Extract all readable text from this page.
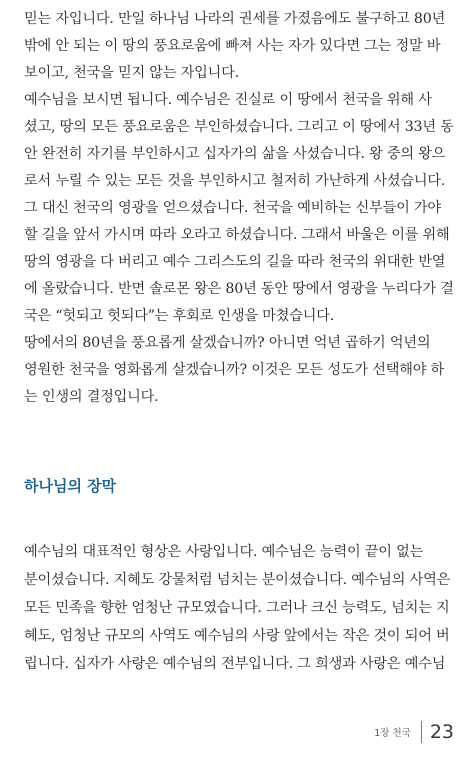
믿는 자입니다. 만일 하나님 나라의 권세를 가졌음에도 불구하고 80년
밖에 안 되는 이 땅의 풍요로움에 빠져 사는 자가 있다면 그는 정말 바
보이고, 천국을 믿지 않는 자입니다.
예수님을 보시면 됩니다. 예수님은 진실로 이 땅에서 천국을 위해 사
셨고, 땅의 모든 풍요로움은 부인하셨습니다. 그리고 이 땅에서 33년 동
안 완전히 자기를 부인하시고 십자가의 삶을 사셨습니다. 왕 중의 왕으
로서 누릴 수 있는 모든 것을 부인하시고 철저히 가난하게 사셨습니다.
그 대신 천국의 영광을 얻으셨습니다. 천국을 예비하는 신부들이 가야
할 길을 앞서 가시며 따라 오라고 하셨습니다. 그래서 바울은 이를 위해
땅의 영광을 다 버리고 예수 그리스도의 길을 따라 천국의 위대한 반열
에 올랐습니다. 반면 솔로몬 왕은 80년 동안 땅에서 영광을 누리다가 결
국은 “헛되고 헛되다”는 후회로 인생을 마쳤습니다.
땅에서의 80년을 풍요롭게 살겠습니까? 아니면 억년 곱하기 억년의
영원한 천국을 영화롭게 살겠습니까? 이것은 모든 성도가 선택해야 하
는 인생의 결정입니다.
하나님의 장막
예수님의 대표적인 형상은 사랑입니다. 예수님은 능력이 끝이 없는
분이셨습니다. 지혜도 강물처럼 넘치는 분이셨습니다. 예수님의 사역은
모든 민족을 향한 엄청난 규모였습니다. 그러나 크신 능력도, 넘치는 지
혜도, 엄청난 규모의 사역도 예수님의 사랑 앞에서는 작은 것이 되어 버
립니다. 십자가 사랑은 예수님의 전부입니다. 그 희생과 사랑은 예수님
1장 천국 23
